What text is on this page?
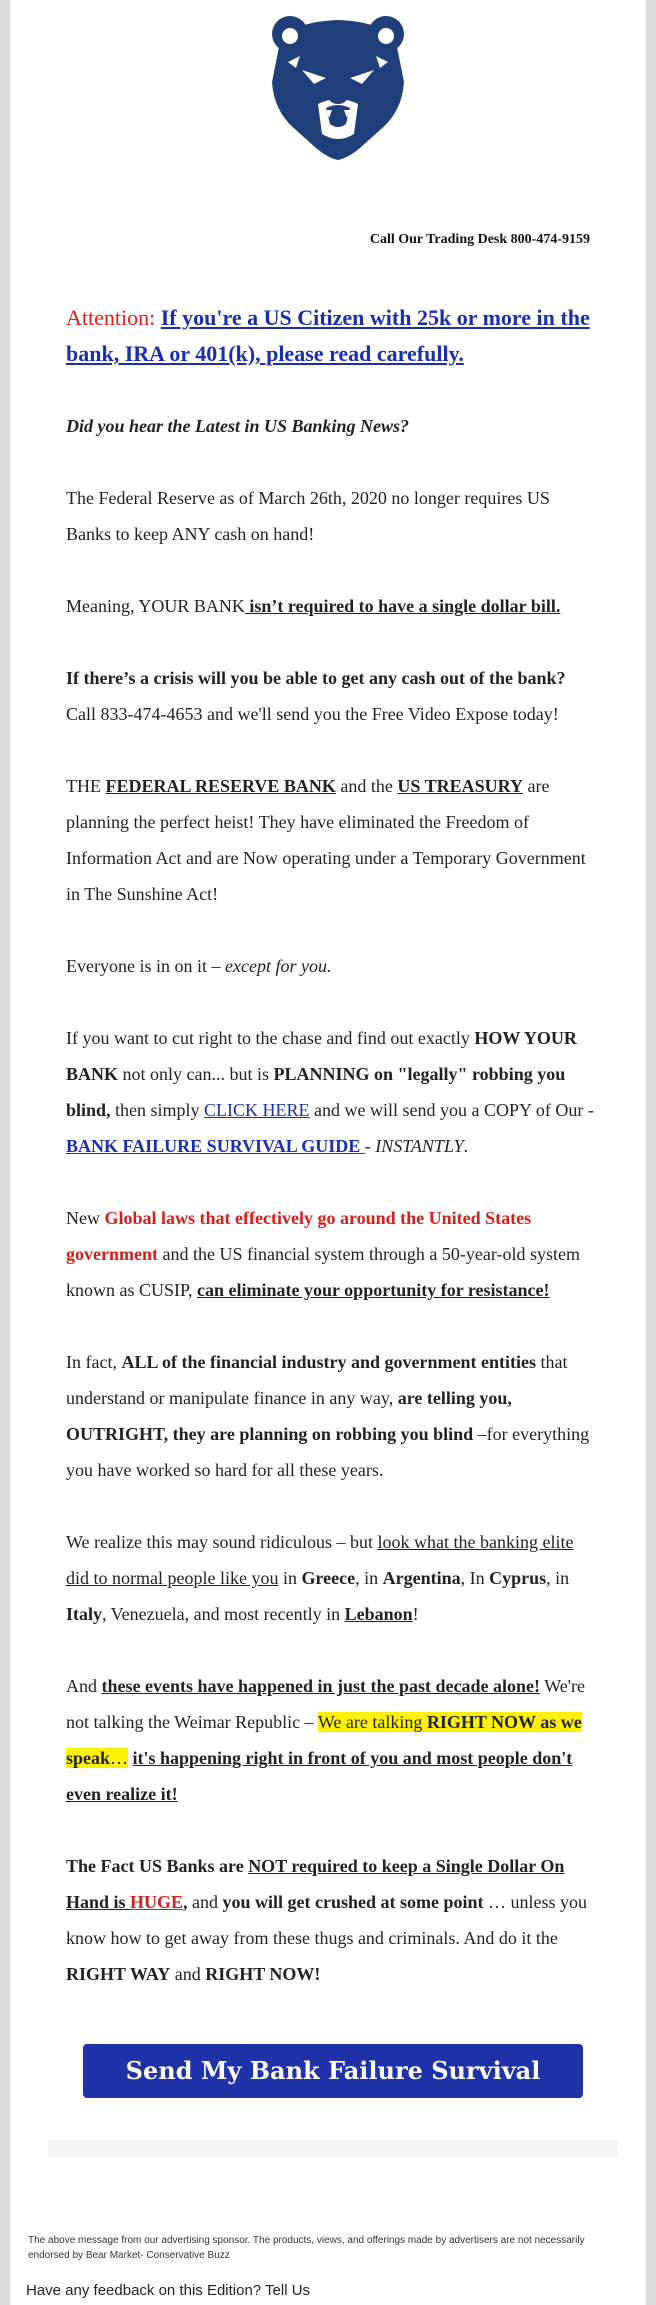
Call Our Trading Desk 800-474-9159

Attention: If you're a US Citizen with 25k or more in the bank, IRA or 401(k), please read carefully.

Did you hear the Latest in US Banking News?

The Federal Reserve as of March 26th, 2020 no longer requires US Banks to keep ANY cash on hand!

Meaning, YOUR BANK isn’t required to have a single dollar bill.

If there’s a crisis will you be able to get any cash out of the bank?
Call 833-474-4653 and we'll send you the Free Video Expose today!

THE FEDERAL RESERVE BANK and the US TREASURY are planning the perfect heist! They have eliminated the Freedom of Information Act and are Now operating under a Temporary Government in The Sunshine Act!

Everyone is in on it – except for you.

If you want to cut right to the chase and find out exactly HOW YOUR BANK not only can... but is PLANNING on "legally" robbing you blind, then simply CLICK HERE and we will send you a COPY of Our - BANK FAILURE SURVIVAL GUIDE - INSTANTLY.

New Global laws that effectively go around the United States government and the US financial system through a 50-year-old system known as CUSIP, can eliminate your opportunity for resistance!

In fact, ALL of the financial industry and government entities that understand or manipulate finance in any way, are telling you, OUTRIGHT, they are planning on robbing you blind –for everything you have worked so hard for all these years.

We realize this may sound ridiculous – but look what the banking elite did to normal people like you in Greece, in Argentina, In Cyprus, in Italy, Venezuela, and most recently in Lebanon!

And these events have happened in just the past decade alone! We're not talking the Weimar Republic – We are talking RIGHT NOW as we speak… it's happening right in front of you and most people don't even realize it!

The Fact US Banks are NOT required to keep a Single Dollar On Hand is HUGE, and you will get crushed at some point … unless you know how to get away from these thugs and criminals. And do it the RIGHT WAY and RIGHT NOW!

Send My Bank Failure Survival Guide
The above message from our advertising sponsor. The products, views, and offerings made by advertisers are not necessarily endorsed by Bear Market- Conservative Buzz
Have any feedback on this Edition? Tell Us
